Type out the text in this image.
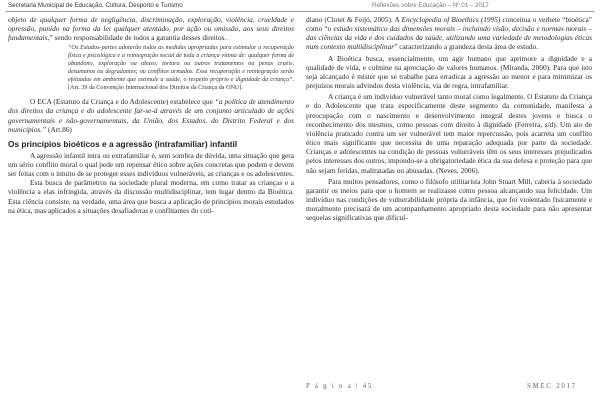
Secretaria Municipal de Educação, Cultura, Desporto e Turismo	Reflexões sobre Educação – Nº 01 – 2017

objeto de qualquer forma de negligência, discriminação, exploração, violência, crueldade e opressão, punido na forma da lei qualquer atentado, por ação ou omissão, aos seus direitos fundamentais,” sendo responsabilidade de todos a garantia desses direitos.

“Os Estados-partes adotarão todas as medidas apropriadas para estimular a recuperação física e psicológica e a reintegração social de toda a criança vítima de: qualquer forma de abandono, exploração ou abuso; tortura ou outros tratamentos ou penas cruéis, desumanos ou degradantes; ou conflitos armados. Essa recuperação e reintegração serão efetuadas em ambiente que estimule a saúde, o respeito próprio e dignidade da criança”. [Art. 39 da Convenção Internacional dos Direitos da Criança da ONU].

O ECA (Estatuto da Criança e do Adolescente) estabelece que “a política de atendimento dos direitos da criança e do adolescente far-se-á através de um conjunto articulado de ações governamentais e não-governamentais, da União, dos Estados, do Distrito Federal e dos municípios.” (Art.86)

Os princípios bioéticos e a agressão (intrafamiliar) infantil

A agressão infantil intra ou extrafamiliar é, sem sombra de dúvida, uma situação que gera um sério conflito moral o qual pede um repensar ético sobre ações concretas que podem e devem ser feitas com o intuito de se proteger esses indivíduos vulneráveis, as crianças e os adolescentes.

Esta busca de parâmetros na sociedade plural moderna, em como tratar as crianças e a violência a elas infringida, através da discussão multidisciplinar, tem lugar dentro da Bioética. Esta ciência consiste, na verdade, uma área que busca a aplicação de princípios morais estudados na ética, mas aplicados a situações desafiadoras e conflitantes do coti-

diano (Clotet & Feijó, 2005). A Encyclopedia of Bioethics (1995) conceitua o verbete “bioética” como “o estudo sistemático das dimensões morais – incluindo visão, decisão e normas morais – das ciências da vida e dos cuidados da saúde, utilizando uma variedade de metodologias éticas num contexto multidisciplinar” caracterizando a grandeza desta área de estudo.

A Bioética busca, essencialmente, um agir humano que aprimore a dignidade e a qualidade de vida, e culmine na apreciação de valores humanos. (Miranda, 2000). Para que isto seja alcançado é mister que se trabalhe para erradicar a agressão ao menor e para minimizar os prejuízos morais advindos desta violência, via de regra, intrafamiliar.

A criança é um indivíduo vulnerável tanto moral como legalmente. O Estatuto da Criança e do Adolescente que trata especificamente deste segmento da comunidade, manifesta a preocupação com o nascimento e desenvolvimento integral destes jovens e busca o reconhecimento dos mesmos, como pessoas com direito à dignidade (Ferreira, s/d). Um ato de violência praticado contra um ser vulnerável tem maior repercussão, pois acarreta um conflito ético mais significante que necessita de uma reparação adequada por parte da sociedade. Crianças e adolescentes na condição de pessoas vulneráveis têm os seus interesses prejudicados pelos interesses dos outros, impondo-se a obrigatoriedade ética da sua defesa e proteção para que não sejam feridas, maltratadas ou abusadas. (Neves, 2006).

Para muitos pensadores, como o filósofo utilitarista John Stuart Mill, caberia à sociedade garantir os meios para que o homem se realizasse como pessoa alcançando sua felicidade. Um indivíduo nas condições de vulnerabilidade própria da infância, que foi violentado fisicamente e moralmente precisará de um acompanhamento apropriado desta sociedade para não apresentar sequelas significativas que dificul-

P á g i n a | 45	SMEC 2017
